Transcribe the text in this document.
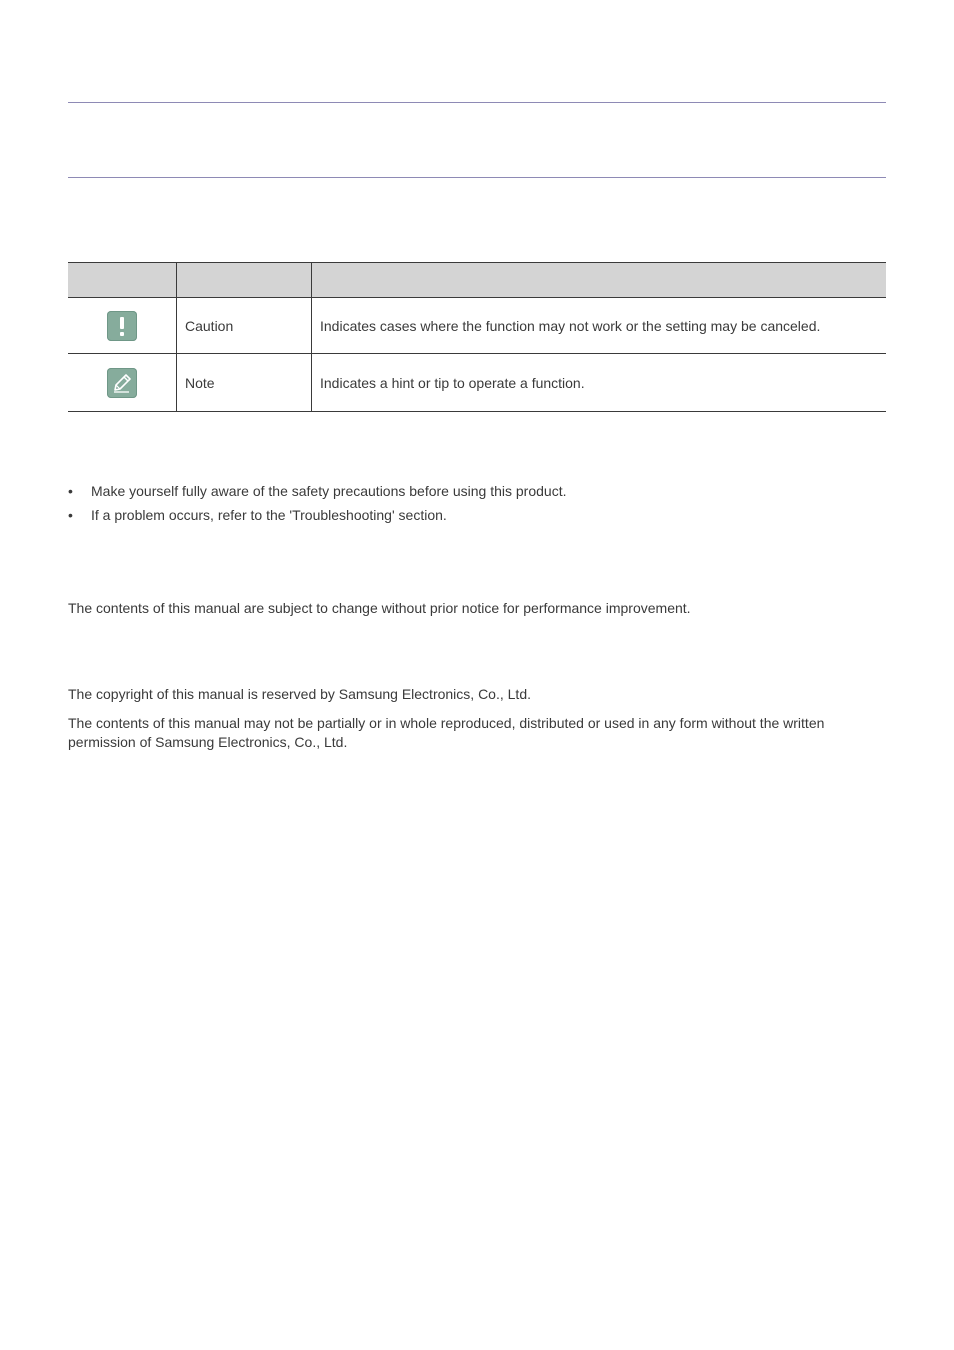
	Caution	Indicates cases where the function may not work or the setting may be canceled.

	Note	Indicates a hint or tip to operate a function.
• Make yourself fully aware of the safety precautions before using this product.
• If a problem occurs, refer to the 'Troubleshooting' section.

The contents of this manual are subject to change without prior notice for performance improvement.

The copyright of this manual is reserved by Samsung Electronics, Co., Ltd.

The contents of this manual may not be partially or in whole reproduced, distributed or used in any form without the written permission of Samsung Electronics, Co., Ltd.
